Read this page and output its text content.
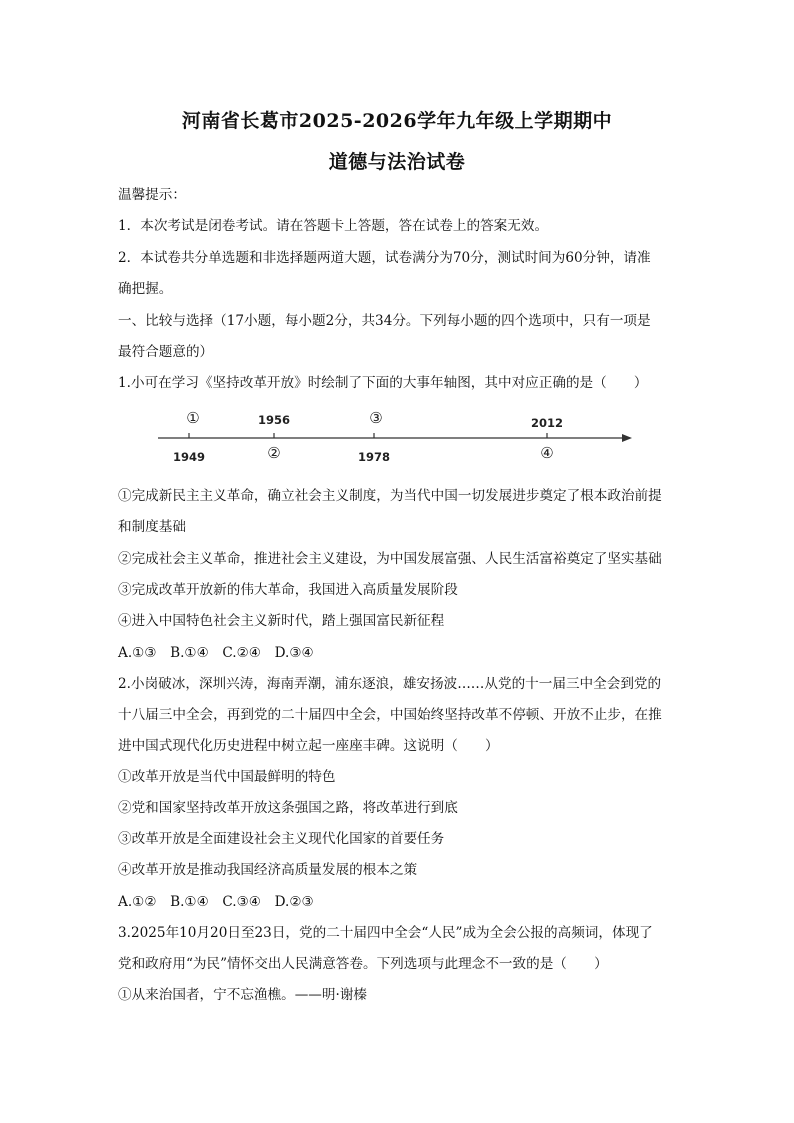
河南省长葛市2025-2026学年九年级上学期期中
道德与法治试卷
温馨提示：
1．本次考试是闭卷考试。请在答题卡上答题，答在试卷上的答案无效。
2．本试卷共分单选题和非选择题两道大题，试卷满分为70分，测试时间为60分钟，请准
确把握。
一、比较与选择（17小题，每小题2分，共34分。下列每小题的四个选项中，只有一项是
最符合题意的）
1.小可在学习《坚持改革开放》时绘制了下面的大事年轴图，其中对应正确的是（　　）
①
1949
1956
②
③
1978
2012
④
①完成新民主主义革命，确立社会主义制度，为当代中国一切发展进步奠定了根本政治前提
和制度基础
②完成社会主义革命，推进社会主义建设，为中国发展富强、人民生活富裕奠定了坚实基础
③完成改革开放新的伟大革命，我国进入高质量发展阶段
④进入中国特色社会主义新时代，踏上强国富民新征程
A.①③　B.①④　C.②④　D.③④
2.小岗破冰，深圳兴涛，海南弄潮，浦东逐浪，雄安扬波……从党的十一届三中全会到党的
十八届三中全会，再到党的二十届四中全会，中国始终坚持改革不停顿、开放不止步，在推
进中国式现代化历史进程中树立起一座座丰碑。这说明（　　）
①改革开放是当代中国最鲜明的特色
②党和国家坚持改革开放这条强国之路，将改革进行到底
③改革开放是全面建设社会主义现代化国家的首要任务
④改革开放是推动我国经济高质量发展的根本之策
A.①②　B.①④　C.③④　D.②③
3.2025年10月20日至23日，党的二十届四中全会“人民”成为全会公报的高频词，体现了
党和政府用“为民”情怀交出人民满意答卷。下列选项与此理念不一致的是（　　）
①从来治国者，宁不忘渔樵。——明·谢榛
